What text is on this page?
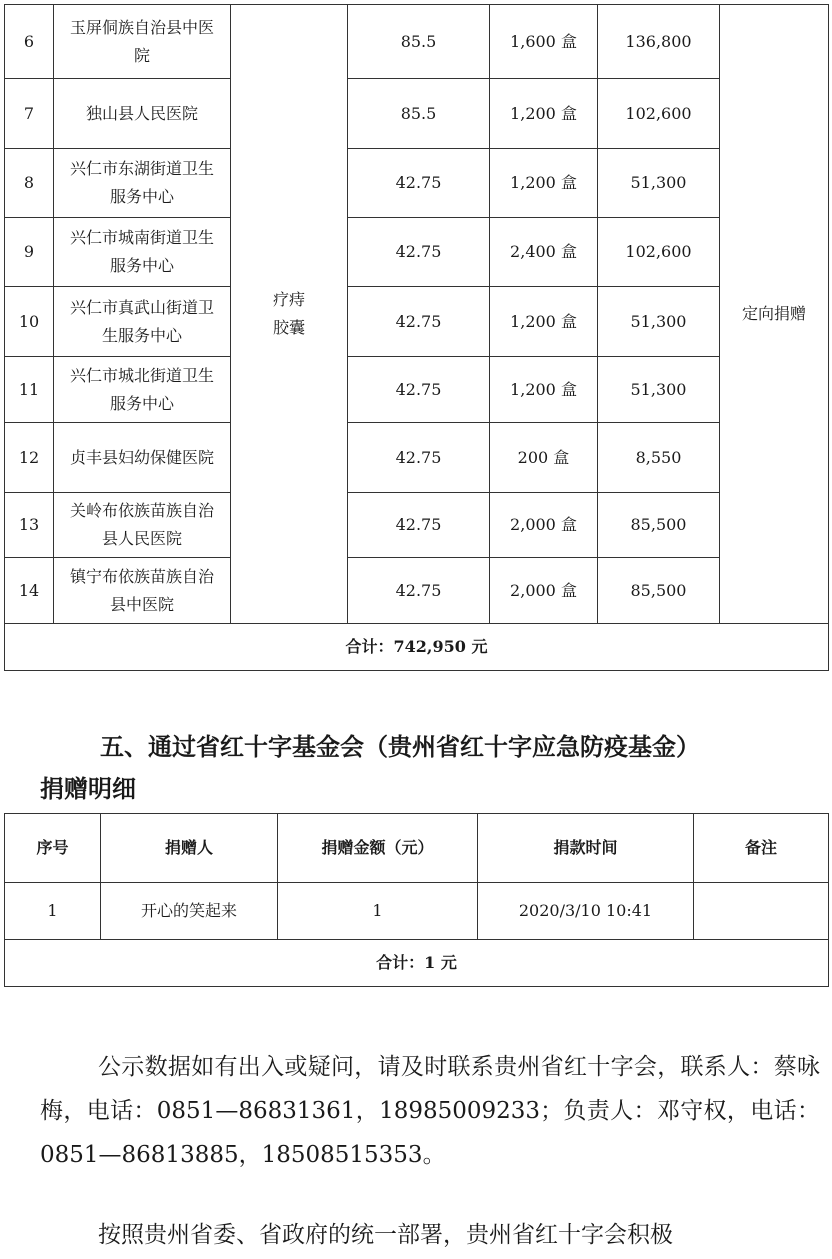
6	玉屏侗族自治县中医院	疗痔胶囊	85.5	1,600 盒	136,800	定向捐赠
7	独山县人民医院		85.5	1,200 盒	102,600	
8	兴仁市东湖街道卫生服务中心		42.75	1,200 盒	51,300	
9	兴仁市城南街道卫生服务中心		42.75	2,400 盒	102,600	
10	兴仁市真武山街道卫生服务中心		42.75	1,200 盒	51,300	
11	兴仁市城北街道卫生服务中心		42.75	1,200 盒	51,300	
12	贞丰县妇幼保健医院		42.75	200 盒	8,550	
13	关岭布依族苗族自治县人民医院		42.75	2,000 盒	85,500	
14	镇宁布依族苗族自治县中医院		42.75	2,000 盒	85,500	
合计：742,950 元						
五、通过省红十字基金会（贵州省红十字应急防疫基金）
捐赠明细
序号	捐赠人	捐赠金额（元）	捐款时间	备注
1	开心的笑起来	1	2020/3/10 10:41	
合计：1 元				
公示数据如有出入或疑问，请及时联系贵州省红十字会，联系人：蔡咏梅，电话：0851—86831361，18985009233；负责人：邓守权，电话：0851—86813885，18508515353。
按照贵州省委、省政府的统一部署，贵州省红十字会积极
